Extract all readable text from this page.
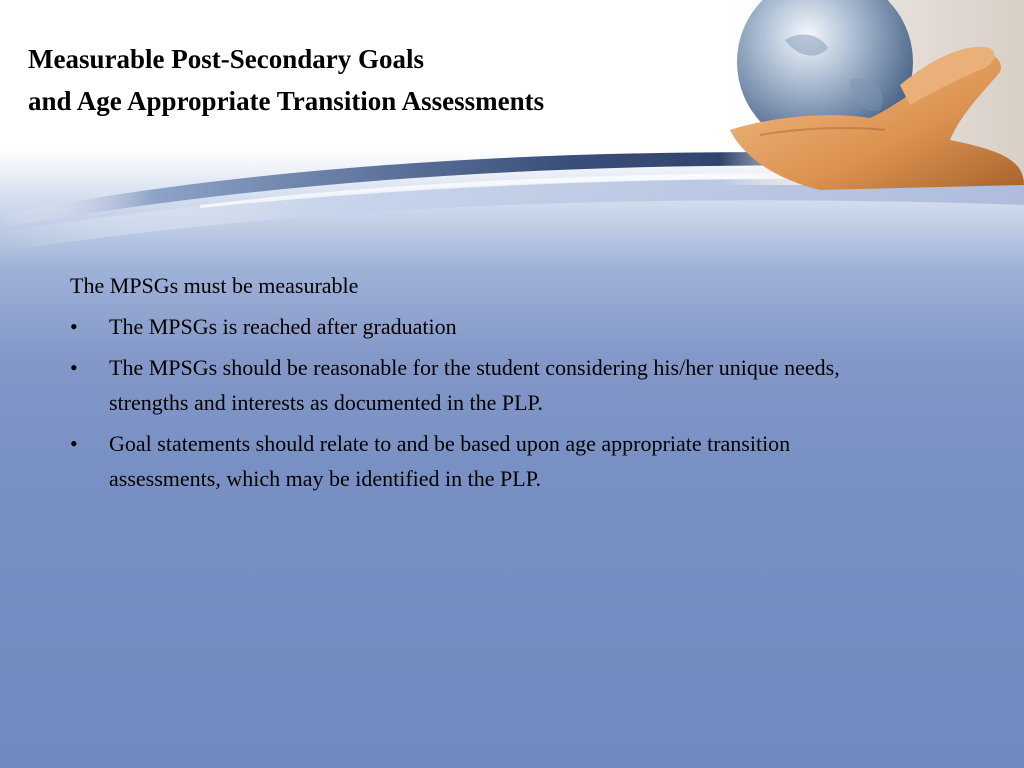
Measurable Post-Secondary Goals
and Age Appropriate Transition Assessments

The MPSGs must be measurable

• The MPSGs is reached after graduation
• The MPSGs should be reasonable for the student considering his/her unique needs, strengths and interests as documented in the PLP.
• Goal statements should relate to and be based upon age appropriate transition assessments, which may be identified in the PLP.
